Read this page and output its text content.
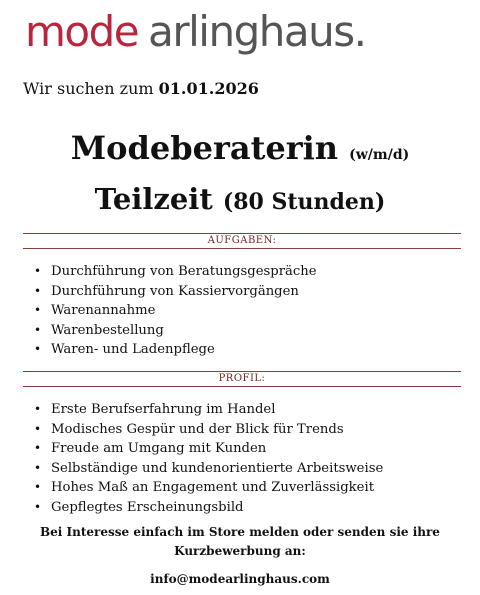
mode arlinghaus.
Wir suchen zum 01.01.2026
Modeberaterin (w/m/d)
Teilzeit (80 Stunden)
AUFGABEN:
• Durchführung von Beratungsgespräche
• Durchführung von Kassiervorgängen
• Warenannahme
• Warenbestellung
• Waren- und Ladenpflege
PROFIL:
• Erste Berufserfahrung im Handel
• Modisches Gespür und der Blick für Trends
• Freude am Umgang mit Kunden
• Selbständige und kundenorientierte Arbeitsweise
• Hohes Maß an Engagement und Zuverlässigkeit
• Gepflegtes Erscheinungsbild
Bei Interesse einfach im Store melden oder senden sie ihre
Kurzbewerbung an:
info@modearlinghaus.com
